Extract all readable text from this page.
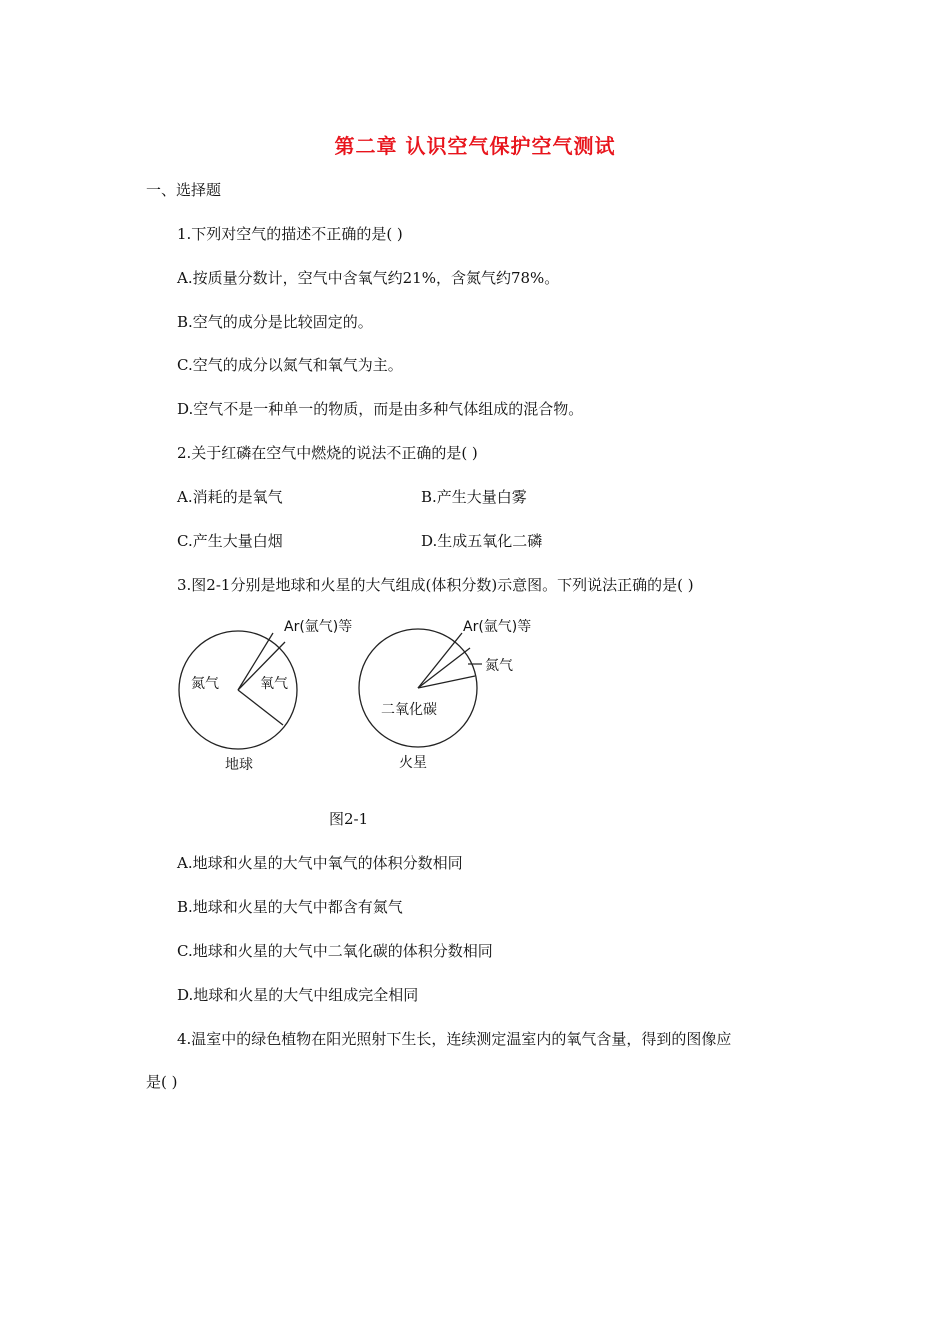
第二章 认识空气保护空气测试
一、选择题
1.下列对空气的描述不正确的是( )
A.按质量分数计，空气中含氧气约21%，含氮气约78%。
B.空气的成分是比较固定的。
C.空气的成分以氮气和氧气为主。
D.空气不是一种单一的物质，而是由多种气体组成的混合物。
2.关于红磷在空气中燃烧的说法不正确的是( )
A.消耗的是氧气	B.产生大量白雾
C.产生大量白烟	D.生成五氧化二磷
3.图2-1分别是地球和火星的大气组成(体积分数)示意图。下列说法正确的是( )
氮气	氧气
Ar(氩气)等
地球
Ar(氩气)等
氮气
二氧化碳
火星
图2-1
A.地球和火星的大气中氧气的体积分数相同
B.地球和火星的大气中都含有氮气
C.地球和火星的大气中二氧化碳的体积分数相同
D.地球和火星的大气中组成完全相同
4.温室中的绿色植物在阳光照射下生长，连续测定温室内的氧气含量，得到的图像应
是( )
